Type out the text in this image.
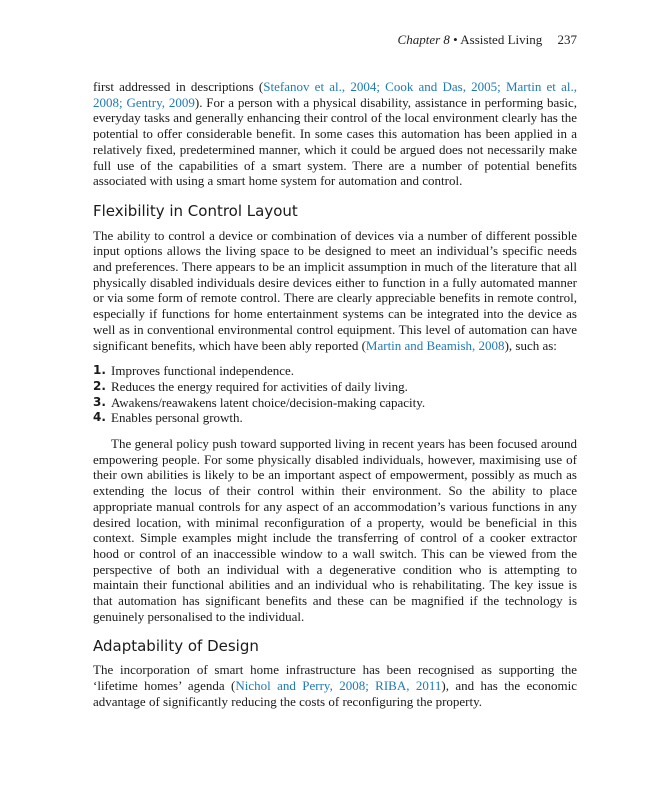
Chapter 8 • Assisted Living 237

first addressed in descriptions (Stefanov et al., 2004; Cook and Das, 2005; Martin et al., 2008; Gentry, 2009). For a person with a physical disability, assistance in performing basic, everyday tasks and generally enhancing their control of the local environment clearly has the potential to offer considerable benefit. In some cases this automation has been applied in a relatively fixed, predetermined manner, which it could be argued does not necessarily make full use of the capabilities of a smart system. There are a number of potential benefits associated with using a smart home system for automation and control.

Flexibility in Control Layout

The ability to control a device or combination of devices via a number of different possible input options allows the living space to be designed to meet an individual’s specific needs and preferences. There appears to be an implicit assumption in much of the literature that all physically disabled individuals desire devices either to function in a fully automated manner or via some form of remote control. There are clearly appreciable benefits in remote control, especially if functions for home entertainment systems can be integrated into the device as well as in conventional environmental control equipment. This level of automation can have significant benefits, which have been ably reported (Martin and Beamish, 2008), such as:

1. Improves functional independence.
2. Reduces the energy required for activities of daily living.
3. Awakens/reawakens latent choice/decision-making capacity.
4. Enables personal growth.

The general policy push toward supported living in recent years has been focused around empowering people. For some physically disabled individuals, however, maximising use of their own abilities is likely to be an important aspect of empowerment, possibly as much as extending the locus of their control within their environment. So the ability to place appropriate manual controls for any aspect of an accommodation’s various functions in any desired location, with minimal reconfiguration of a property, would be beneficial in this context. Simple examples might include the transferring of control of a cooker extractor hood or control of an inaccessible window to a wall switch. This can be viewed from the perspective of both an individual with a degenerative condition who is attempting to maintain their functional abilities and an individual who is rehabilitating. The key issue is that automation has significant benefits and these can be magnified if the technology is genuinely personalised to the individual.

Adaptability of Design

The incorporation of smart home infrastructure has been recognised as supporting the ‘lifetime homes’ agenda (Nichol and Perry, 2008; RIBA, 2011), and has the economic advantage of significantly reducing the costs of reconfiguring the property.
